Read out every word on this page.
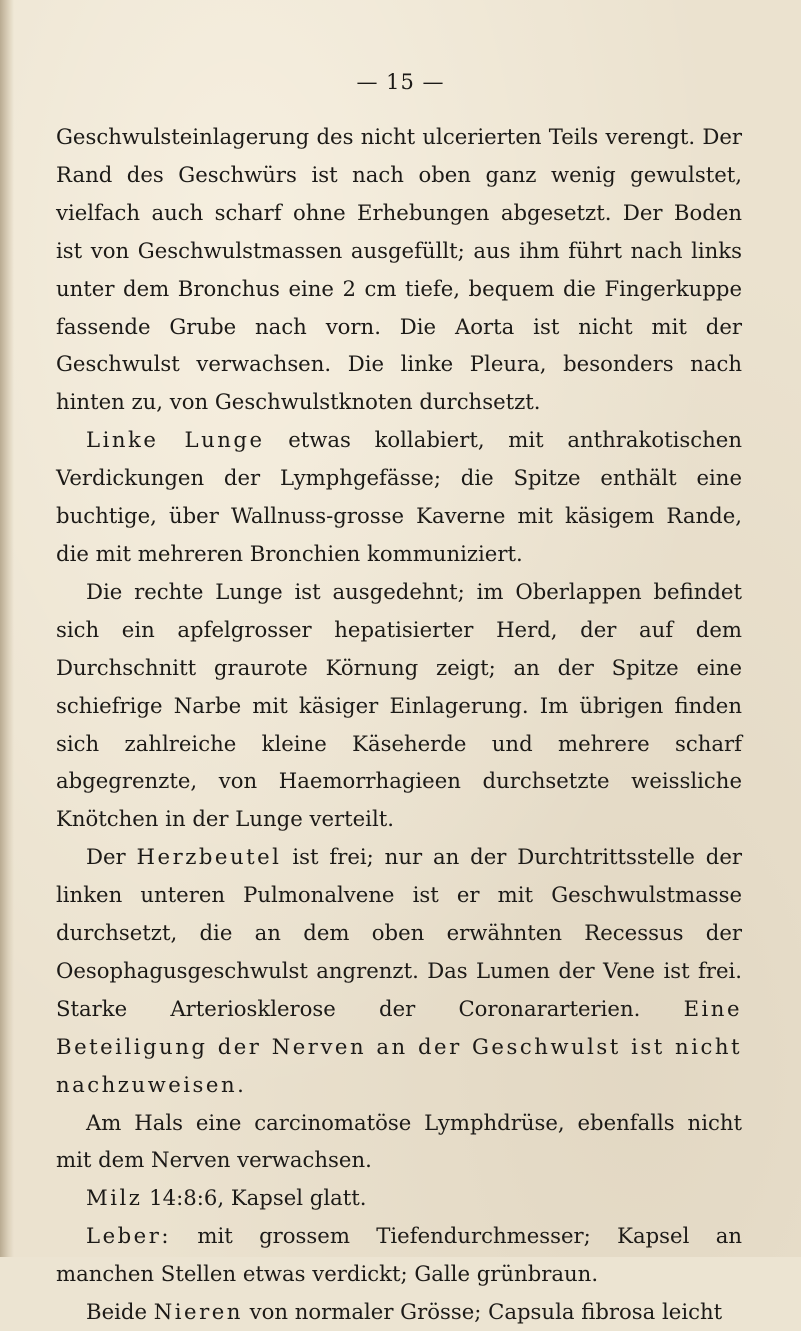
— 15 —

Geschwulsteinlagerung des nicht ulcerierten Teils verengt. Der Rand des Geschwürs ist nach oben ganz wenig gewulstet, vielfach auch scharf ohne Erhebungen abgesetzt. Der Boden ist von Geschwulstmassen ausgefüllt; aus ihm führt nach links unter dem Bronchus eine 2 cm tiefe, bequem die Fingerkuppe fassende Grube nach vorn. Die Aorta ist nicht mit der Geschwulst verwachsen. Die linke Pleura, besonders nach hinten zu, von Geschwulstknoten durchsetzt.

Linke Lunge etwas kollabiert, mit anthrakotischen Verdickungen der Lymphgefässe; die Spitze enthält eine buchtige, über Wallnuss-grosse Kaverne mit käsigem Rande, die mit mehreren Bronchien kommuniziert.

Die rechte Lunge ist ausgedehnt; im Oberlappen befindet sich ein apfelgrosser hepatisierter Herd, der auf dem Durchschnitt graurote Körnung zeigt; an der Spitze eine schiefrige Narbe mit käsiger Einlagerung. Im übrigen finden sich zahlreiche kleine Käseherde und mehrere scharf abgegrenzte, von Haemorrhagieen durchsetzte weissliche Knötchen in der Lunge verteilt.

Der Herzbeutel ist frei; nur an der Durchtrittsstelle der linken unteren Pulmonalvene ist er mit Geschwulstmasse durchsetzt, die an dem oben erwähnten Recessus der Oesophagusgeschwulst angrenzt. Das Lumen der Vene ist frei. Starke Arteriosklerose der Coronararterien. Eine Beteiligung der Nerven an der Geschwulst ist nicht nachzuweisen.

Am Hals eine carcinomatöse Lymphdrüse, ebenfalls nicht mit dem Nerven verwachsen.

Milz 14:8:6, Kapsel glatt.

Leber: mit grossem Tiefendurchmesser; Kapsel an manchen Stellen etwas verdickt; Galle grünbraun.

Beide Nieren von normaler Grösse; Capsula fibrosa leicht
